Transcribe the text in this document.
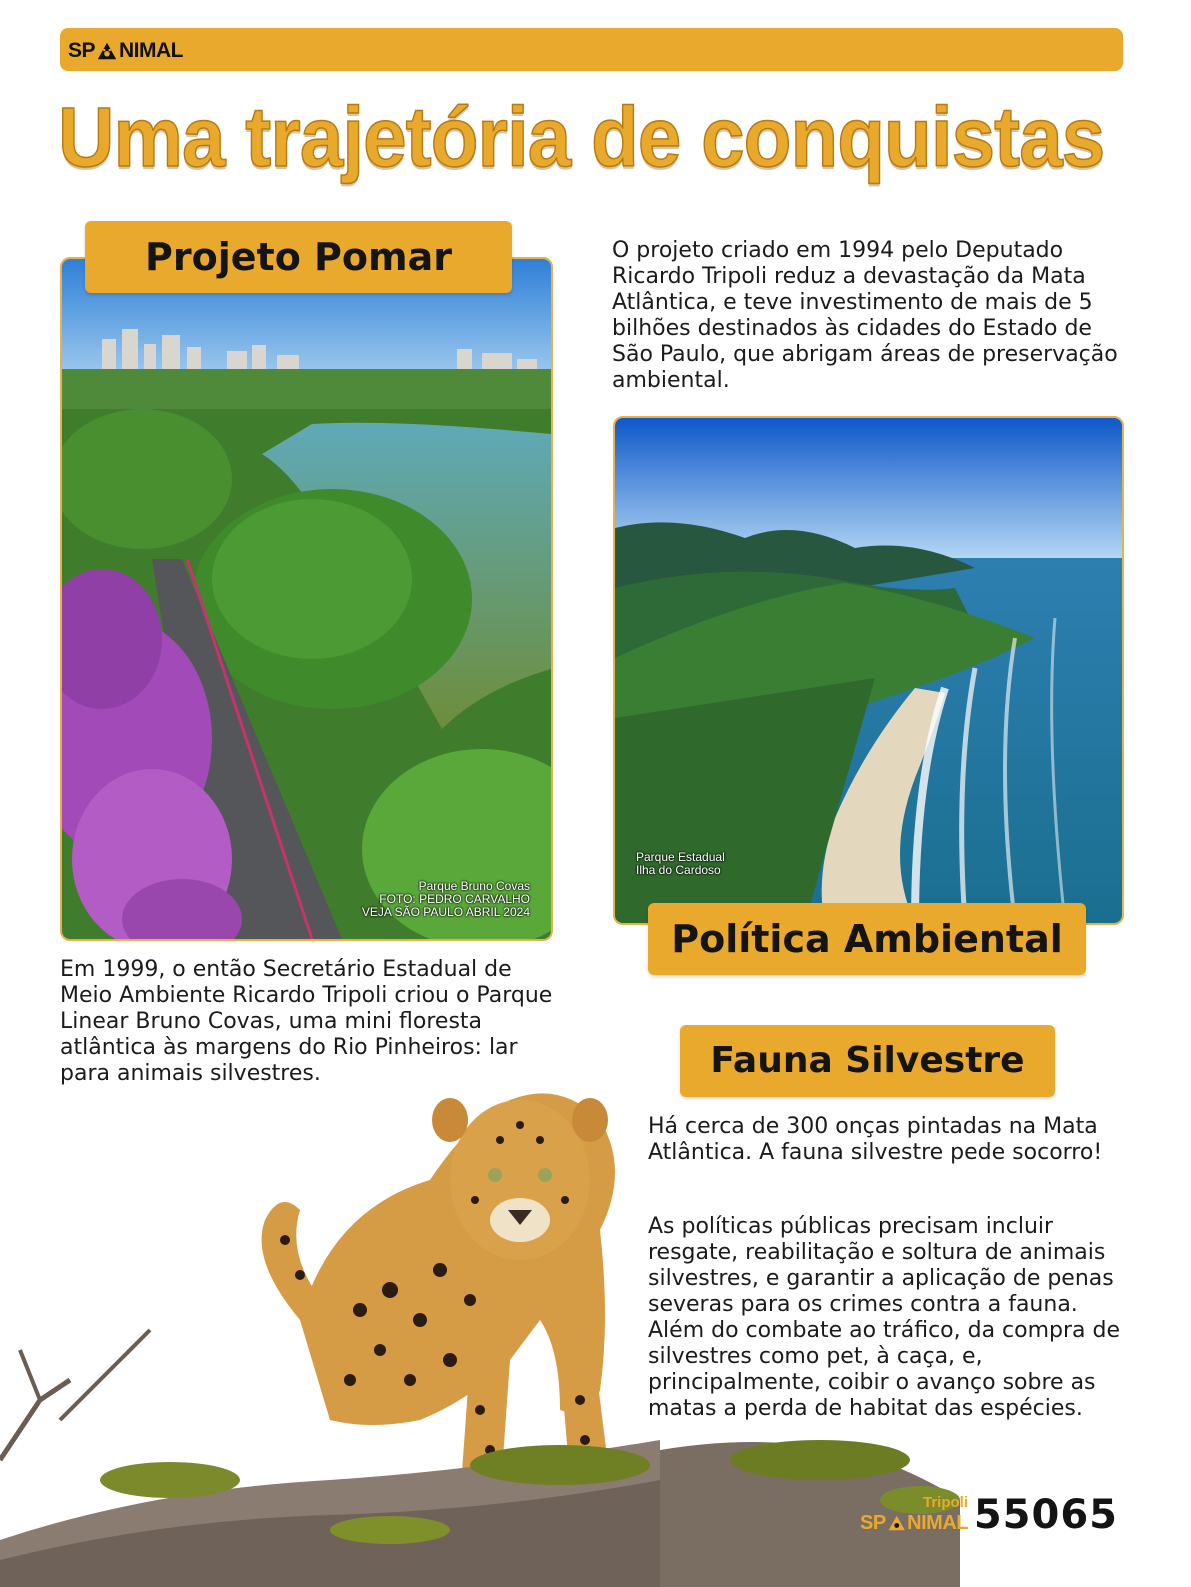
SP NIMAL
Uma trajetória de conquistas
Parque Bruno Covas
FOTO: PEDRO CARVALHO
VEJA SÃO PAULO ABRIL 2024
Projeto Pomar	O projeto criado em 1994 pelo Deputado Ricardo Tripoli reduz a devastação da Mata Atlântica, e teve investimento de mais de 5 bilhões destinados às cidades do Estado de São Paulo, que abrigam áreas de preservação ambiental.

Parque Estadual
Ilha do Cardoso
Política Ambiental

Em 1999, o então Secretário Estadual de Meio Ambiente Ricardo Tripoli criou o Parque Linear Bruno Covas, uma mini floresta atlântica às margens do Rio Pinheiros: lar para animais silvestres.	Fauna Silvestre

Há cerca de 300 onças pintadas na Mata Atlântica. A fauna silvestre pede socorro!

As políticas públicas precisam incluir resgate, reabilitação e soltura de animais silvestres, e garantir a aplicação de penas severas para os crimes contra a fauna. Além do combate ao tráfico, da compra de silvestres como pet, à caça, e, principalmente, coibir o avanço sobre as matas a perda de habitat das espécies.

Tripoli
SP NIMAL 55065
